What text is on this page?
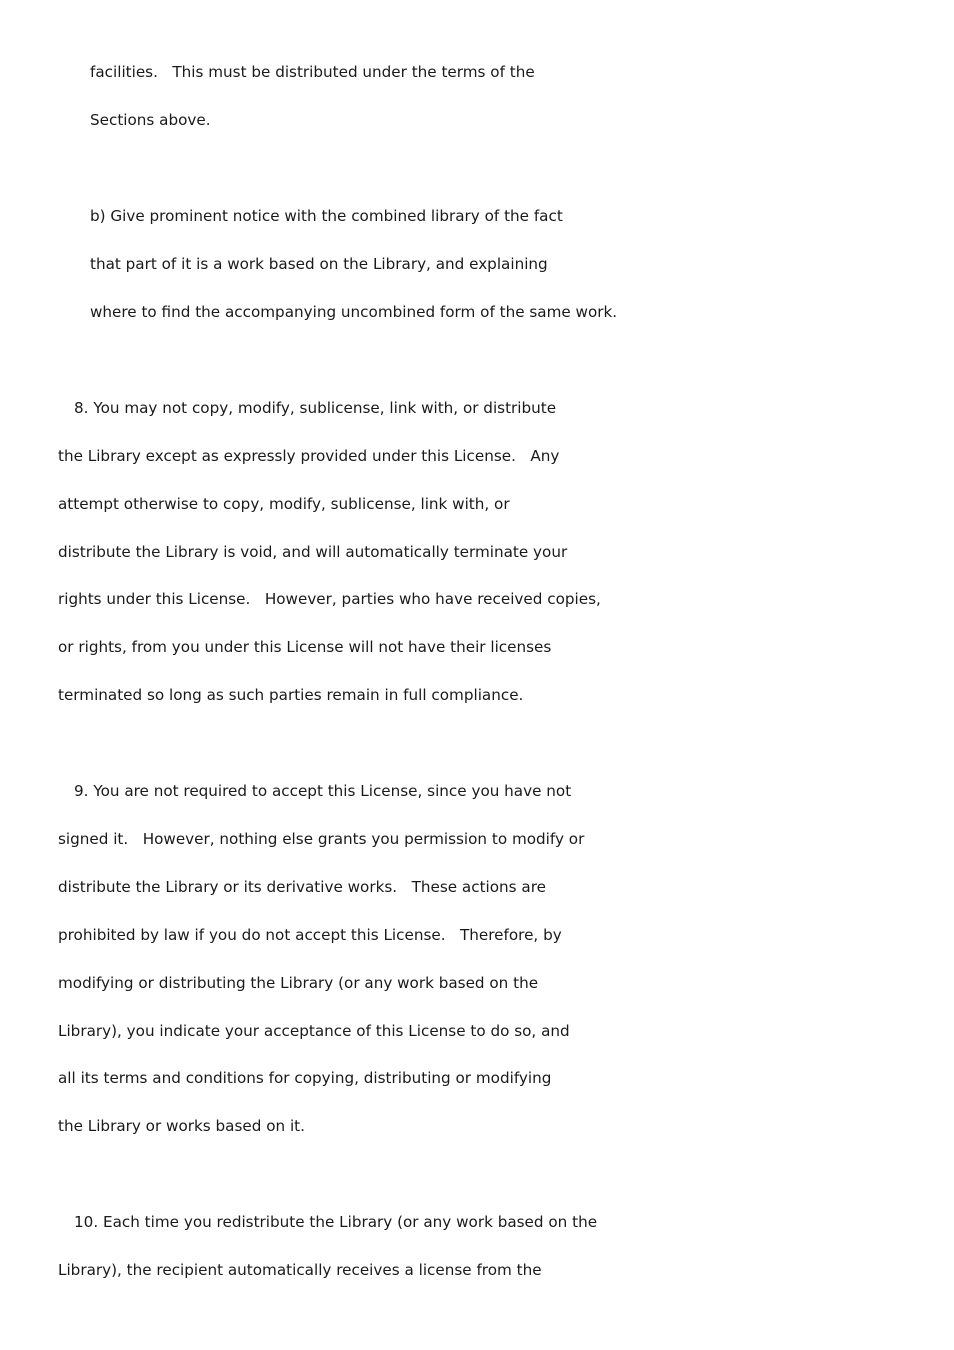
facilities.   This must be distributed under the terms of the
Sections above.
b) Give prominent notice with the combined library of the fact
that part of it is a work based on the Library, and explaining
where to find the accompanying uncombined form of the same work.
8. You may not copy, modify, sublicense, link with, or distribute
the Library except as expressly provided under this License.   Any
attempt otherwise to copy, modify, sublicense, link with, or
distribute the Library is void, and will automatically terminate your
rights under this License.   However, parties who have received copies,
or rights, from you under this License will not have their licenses
terminated so long as such parties remain in full compliance.
9. You are not required to accept this License, since you have not
signed it.   However, nothing else grants you permission to modify or
distribute the Library or its derivative works.   These actions are
prohibited by law if you do not accept this License.   Therefore, by
modifying or distributing the Library (or any work based on the
Library), you indicate your acceptance of this License to do so, and
all its terms and conditions for copying, distributing or modifying
the Library or works based on it.
10. Each time you redistribute the Library (or any work based on the
Library), the recipient automatically receives a license from the
